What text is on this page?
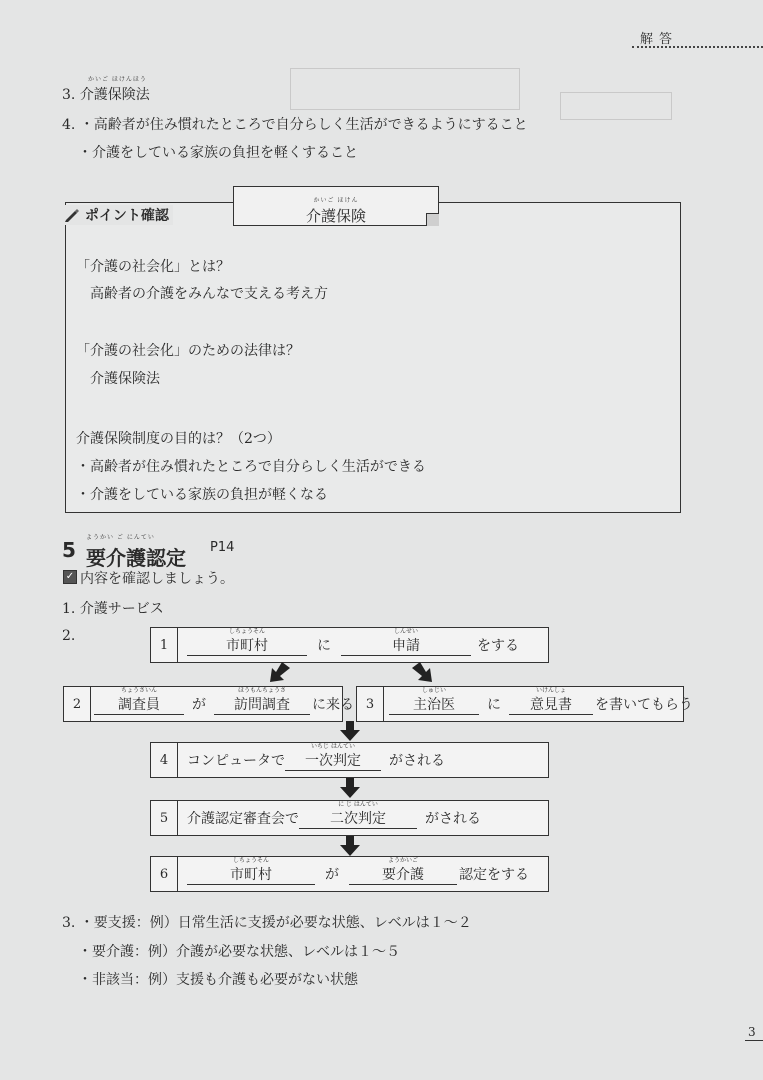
解答
かいご ほけんほう
3. 介護保険法
4. ・高齢者が住み慣れたところで自分らしく生活ができるようにすること
・介護をしている家族の負担を軽くすること
かいご ほけん
介護保険
ポイント確認
「介護の社会化」とは？
高齢者の介護をみんなで支える考え方
「介護の社会化」のための法律は？
介護保険法
介護保険制度の目的は？（2つ）
・高齢者が住み慣れたところで自分らしく生活ができる
・介護をしている家族の負担が軽くなる
5
ようかい ご にんてい
要介護認定 P14
✓ 内容を確認しましょう。
1. 介護サービス
2.
1
しちょうそん
市町村	に
しんせい
申請	をする
2
ちょうさいん
調査員	が
ほうもんちょうさ
訪問調査	に来る 3
しゅじい
主治医	に
いけんしょ
意見書	を書いてもらう
4	コンピュータで
いちじ はんてい
一次判定	がされる
5	介護認定審査会で
に じ はんてい
二次判定	がされる
6
しちょうそん
市町村	が
ようかいご
要介護	認定をする
3. ・要支援：例）日常生活に支援が必要な状態、レベルは１～２
・要介護：例）介護が必要な状態、レベルは１～５
・非該当：例）支援も介護も必要がない状態
3
